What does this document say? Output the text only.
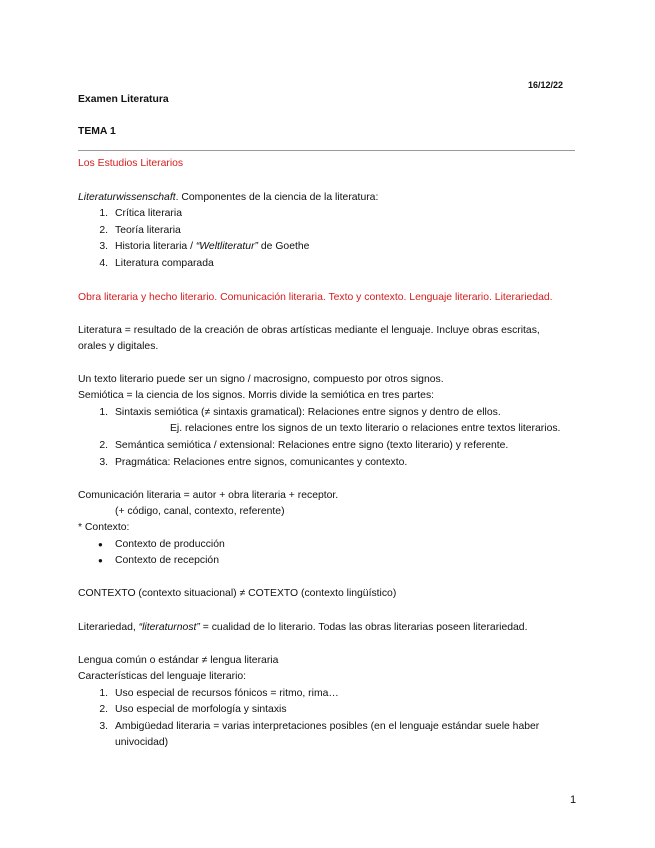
16/12/22
Examen Literatura
TEMA 1
Los Estudios Literarios
Literaturwissenschaft. Componentes de la ciencia de la literatura:
1. Crítica literaria
2. Teoría literaria
3. Historia literaria / “Weltliteratur” de Goethe
4. Literatura comparada
Obra literaria y hecho literario. Comunicación literaria. Texto y contexto. Lenguaje literario. Literariedad.
Literatura = resultado de la creación de obras artísticas mediante el lenguaje. Incluye obras escritas,
orales y digitales.
Un texto literario puede ser un signo / macrosigno, compuesto por otros signos.
Semiótica = la ciencia de los signos. Morris divide la semiótica en tres partes:
1. Sintaxis semiótica (≠ sintaxis gramatical): Relaciones entre signos y dentro de ellos.
Ej. relaciones entre los signos de un texto literario o relaciones entre textos literarios.
2. Semántica semiótica / extensional: Relaciones entre signo (texto literario) y referente.
3. Pragmática: Relaciones entre signos, comunicantes y contexto.
Comunicación literaria = autor + obra literaria + receptor.
(+ código, canal, contexto, referente)
* Contexto:
● Contexto de producción
● Contexto de recepción
CONTEXTO (contexto situacional) ≠ COTEXTO (contexto lingüístico)
Literariedad, “literaturnost” = cualidad de lo literario. Todas las obras literarias poseen literariedad.
Lengua común o estándar ≠ lengua literaria
Características del lenguaje literario:
1. Uso especial de recursos fónicos = ritmo, rima…
2. Uso especial de morfología y sintaxis
3. Ambigüedad literaria = varias interpretaciones posibles (en el lenguaje estándar suele haber
univocidad)
1
